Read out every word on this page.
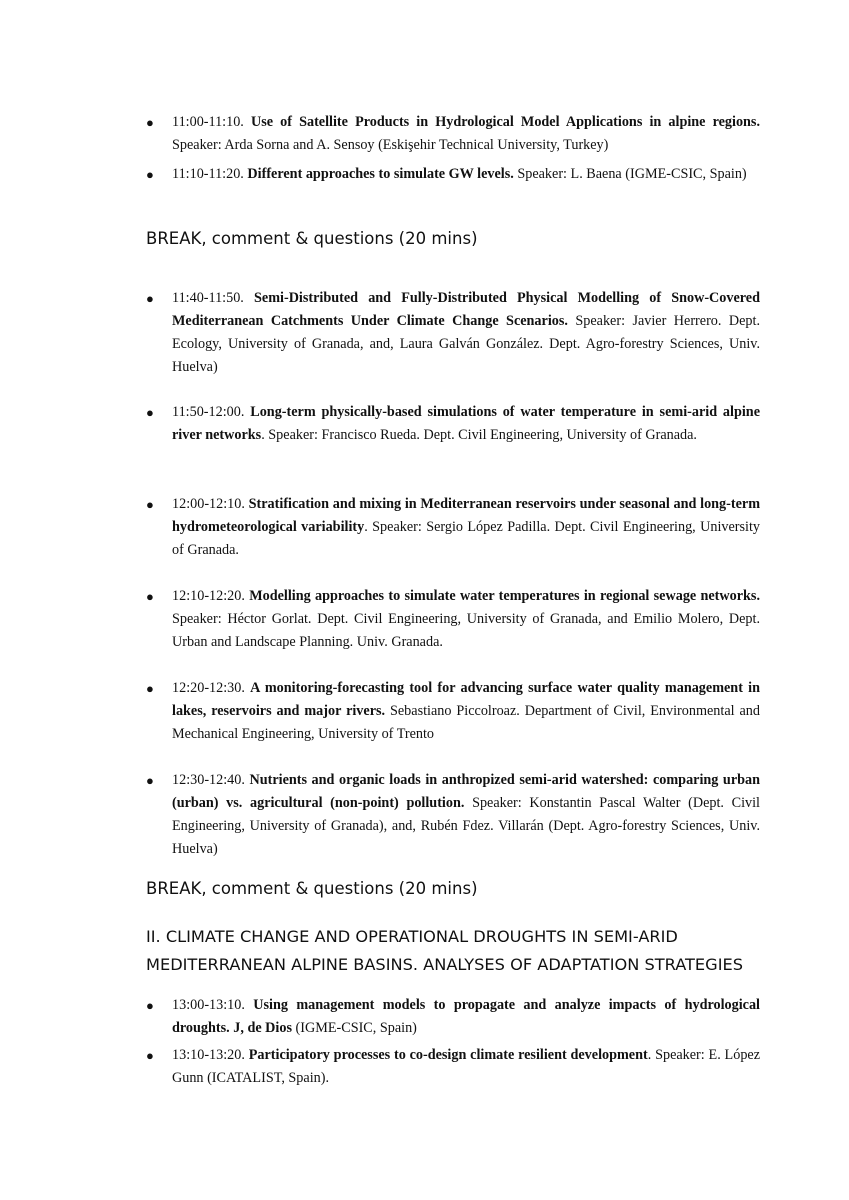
●	11:00-11:10. Use of Satellite Products in Hydrological Model Applications in alpine regions. Speaker: Arda Sorna and A. Sensoy (Eskişehir Technical University, Turkey)
●	11:10-11:20. Different approaches to simulate GW levels. Speaker: L. Baena (IGME-CSIC, Spain)
BREAK, comment & questions (20 mins)
●	11:40-11:50. Semi-Distributed and Fully-Distributed Physical Modelling of Snow-Covered Mediterranean Catchments Under Climate Change Scenarios. Speaker: Javier Herrero. Dept. Ecology, University of Granada, and, Laura Galván González. Dept. Agro-forestry Sciences, Univ. Huelva)
●	11:50-12:00. Long-term physically-based simulations of water temperature in semi-arid alpine river networks. Speaker: Francisco Rueda. Dept. Civil Engineering, University of Granada.
●	12:00-12:10. Stratification and mixing in Mediterranean reservoirs under seasonal and long-term hydrometeorological variability. Speaker: Sergio López Padilla. Dept. Civil Engineering, University of Granada.
●	12:10-12:20. Modelling approaches to simulate water temperatures in regional sewage networks. Speaker: Héctor Gorlat. Dept. Civil Engineering, University of Granada, and Emilio Molero, Dept. Urban and Landscape Planning. Univ. Granada.
●	12:20-12:30. A monitoring-forecasting tool for advancing surface water quality management in lakes, reservoirs and major rivers. Sebastiano Piccolroaz. Department of Civil, Environmental and Mechanical Engineering, University of Trento
●	12:30-12:40. Nutrients and organic loads in anthropized semi-arid watershed: comparing urban (urban) vs. agricultural (non-point) pollution. Speaker: Konstantin Pascal Walter (Dept. Civil Engineering, University of Granada), and, Rubén Fdez. Villarán (Dept. Agro-forestry Sciences, Univ. Huelva)
BREAK, comment & questions (20 mins)
II. CLIMATE CHANGE AND OPERATIONAL DROUGHTS IN SEMI-ARID MEDITERRANEAN ALPINE BASINS. ANALYSES OF ADAPTATION STRATEGIES
●	13:00-13:10. Using management models to propagate and analyze impacts of hydrological droughts. J, de Dios (IGME-CSIC, Spain)
●	13:10-13:20. Participatory processes to co-design climate resilient development. Speaker: E. López Gunn (ICATALIST, Spain).
